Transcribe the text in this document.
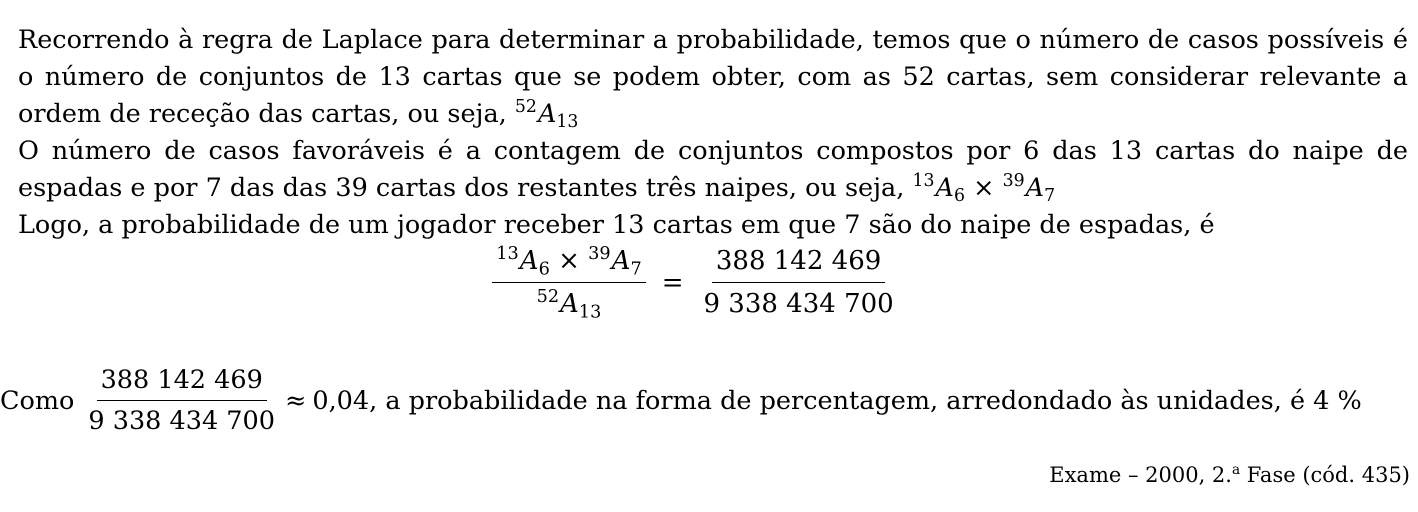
Recorrendo à regra de Laplace para determinar a probabilidade, temos que o número de casos possíveis é o número de conjuntos de 13 cartas que se podem obter, com as 52 cartas, sem considerar relevante a ordem de receção das cartas, ou seja, $^{52}A_{13}$

O número de casos favoráveis é a contagem de conjuntos compostos por 6 das 13 cartas do naipe de espadas e por 7 das das 39 cartas dos restantes três naipes, ou seja, $^{13}A_6 \times ^{39}A_7$

Logo, a probabilidade de um jogador receber 13 cartas em que 7 são do naipe de espadas, é

$\frac{^{13}A_6 \times ^{39}A_7}{^{52}A_{13}} = \frac{388 142 469}{9 338 434 700}$
Como $\frac{388 142 469}{9 338 434 700} \approx 0,04$ , a probabilidade na forma de percentagem, arredondado às unidades, é 4 %
Exame – 2000, 2.$^a$ Fase (cód. 435)
